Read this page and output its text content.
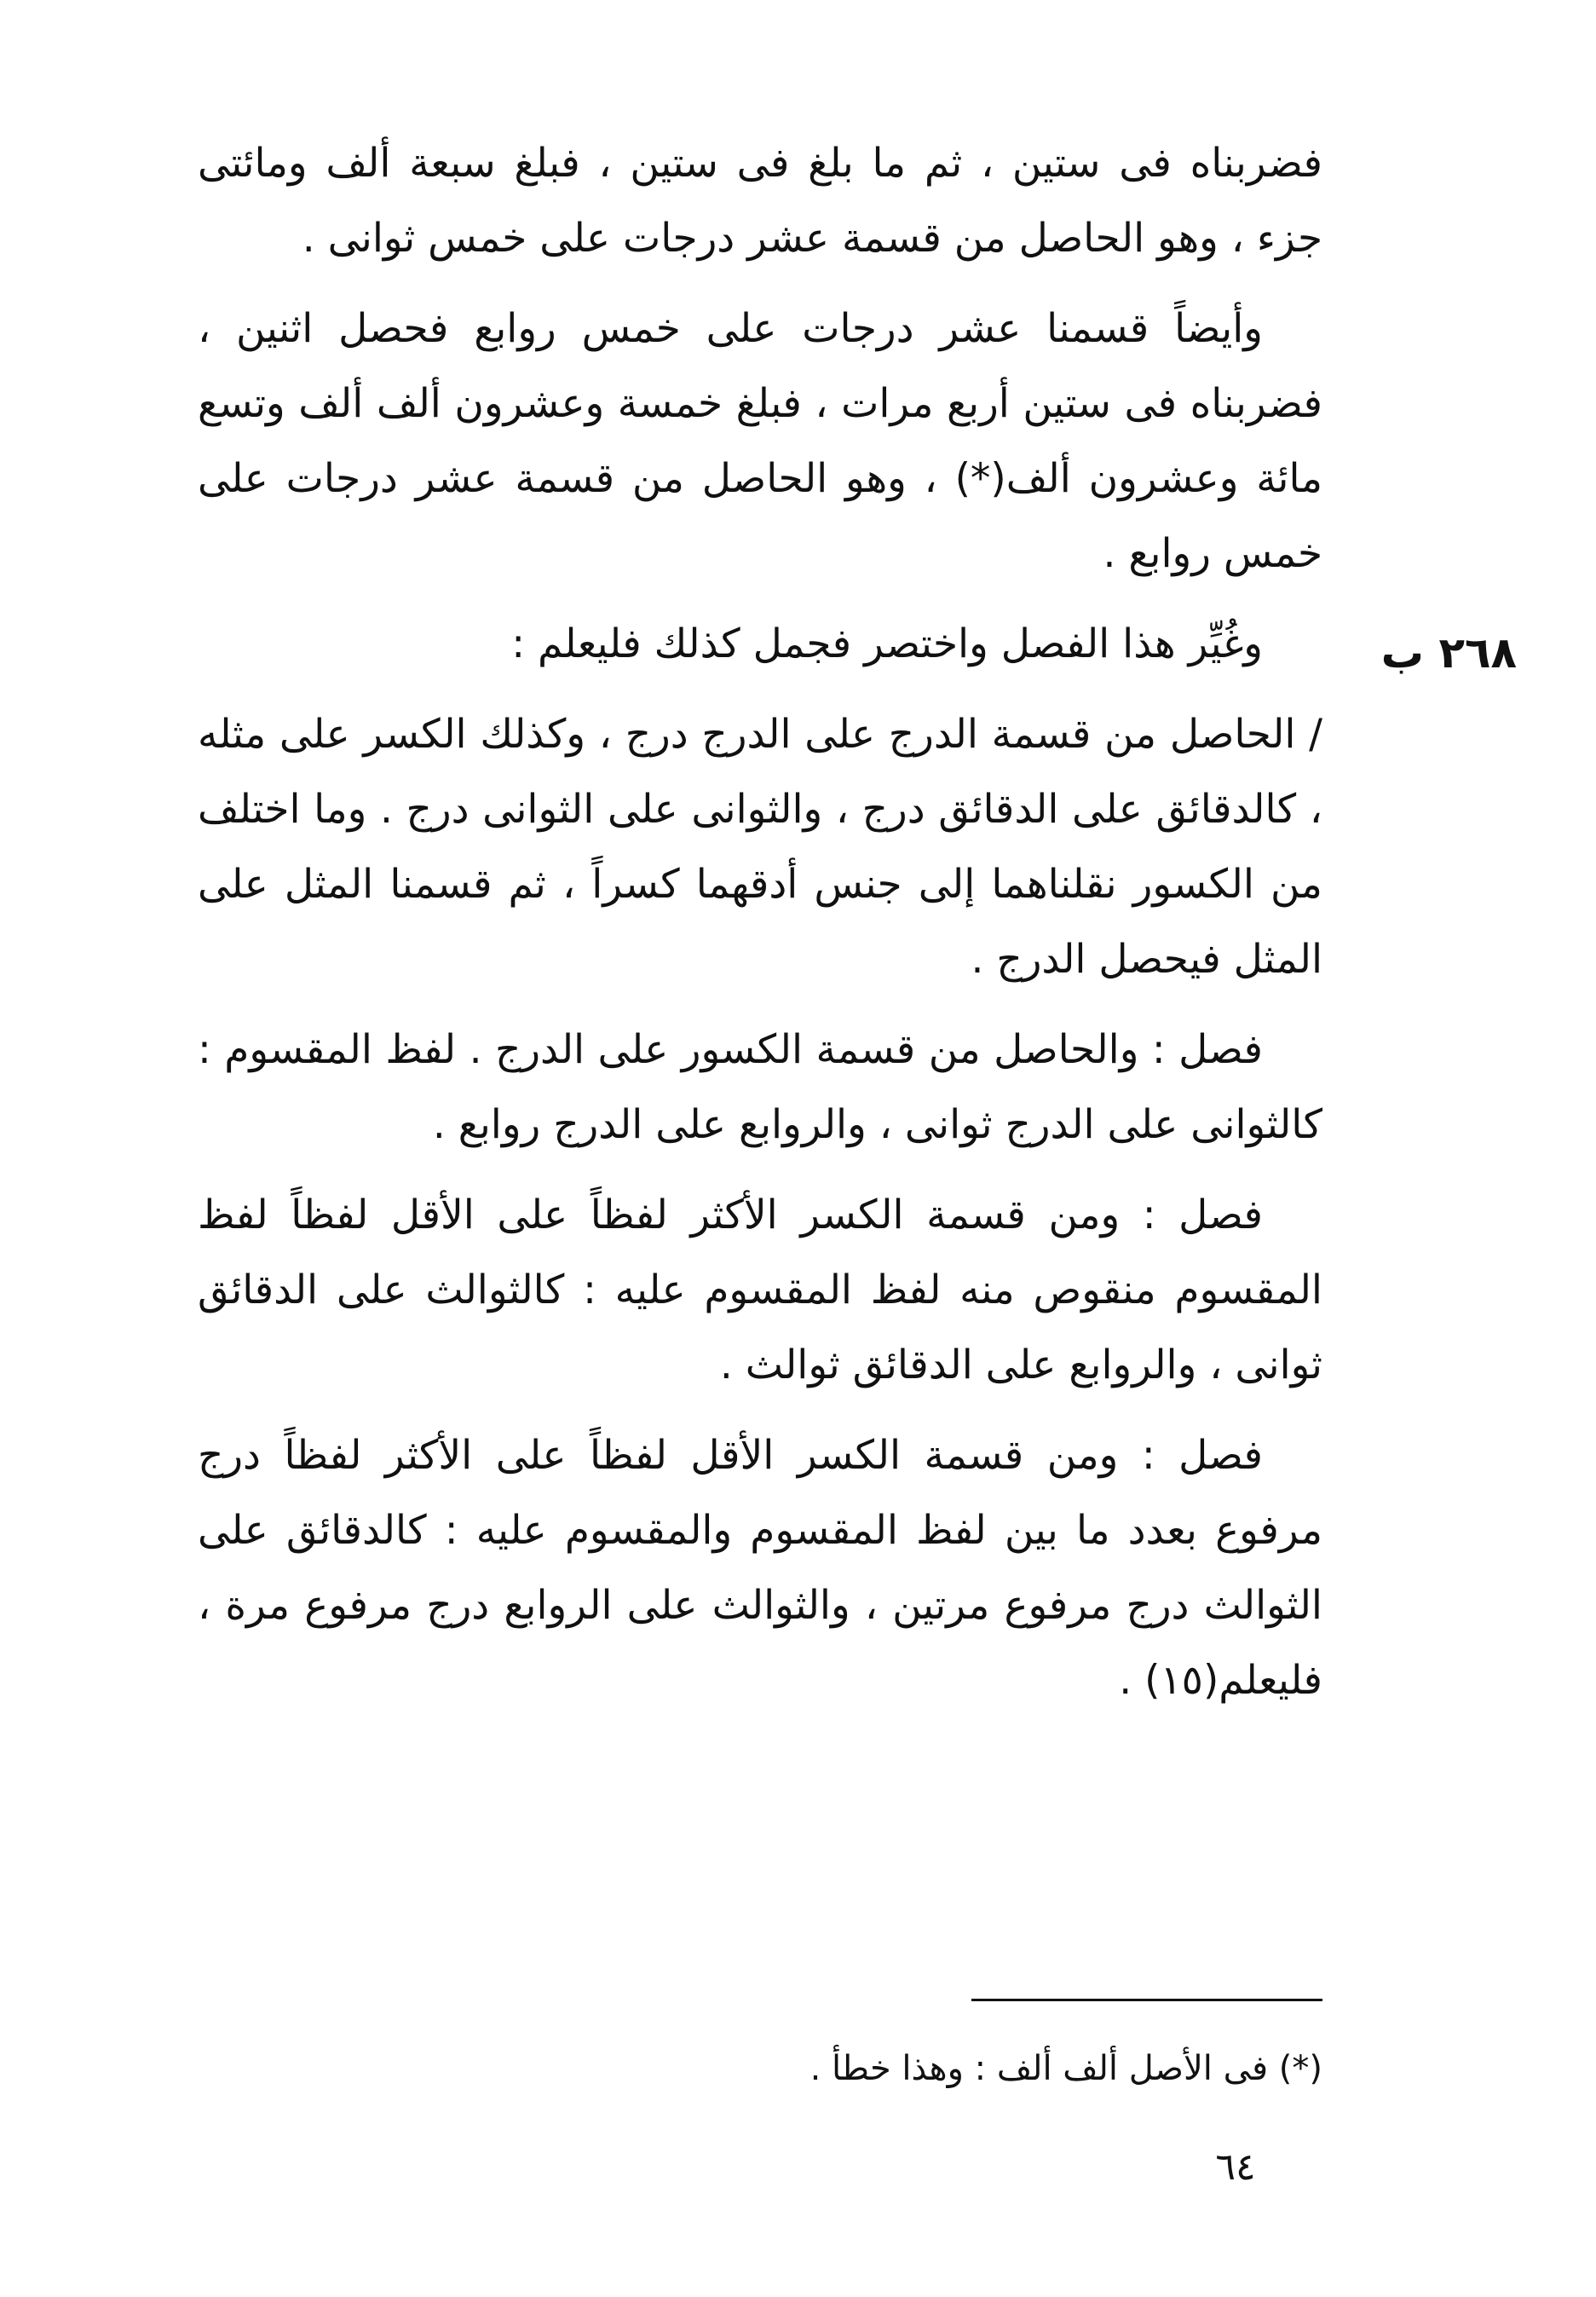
٢٦٨ ب

فضربناه فى ستين ، ثم ما بلغ فى ستين ، فبلغ سبعة ألف ومائتى جزء ، وهو الحاصل من قسمة عشر درجات على خمس ثوانى .

وأيضاً قسمنا عشر درجات على خمس روابع فحصل اثنين ، فضربناه فى ستين أربع مرات ، فبلغ خمسة وعشرون ألف ألف وتسع مائة وعشرون ألف(*) ، وهو الحاصل من قسمة عشر درجات على خمس روابع .

وغُيِّر هذا الفصل واختصر فجمل كذلك فليعلم :

/ الحاصل من قسمة الدرج على الدرج درج ، وكذلك الكسر على مثله ، كالدقائق على الدقائق درج ، والثوانى على الثوانى درج . وما اختلف من الكسور نقلناهما إلى جنس أدقهما كسراً ، ثم قسمنا المثل على المثل فيحصل الدرج .

فصل : والحاصل من قسمة الكسور على الدرج . لفظ المقسوم : كالثوانى على الدرج ثوانى ، والروابع على الدرج روابع .

فصل : ومن قسمة الكسر الأكثر لفظاً على الأقل لفظاً لفظ المقسوم منقوص منه لفظ المقسوم عليه : كالثوالث على الدقائق ثوانى ، والروابع على الدقائق ثوالث .

فصل : ومن قسمة الكسر الأقل لفظاً على الأكثر لفظاً درج مرفوع بعدد ما بين لفظ المقسوم والمقسوم عليه : كالدقائق على الثوالث درج مرفوع مرتين ، والثوالث على الروابع درج مرفوع مرة ، فليعلم(١٥) .

(*) فى الأصل ألف ألف : وهذا خطأ .
٦٤
